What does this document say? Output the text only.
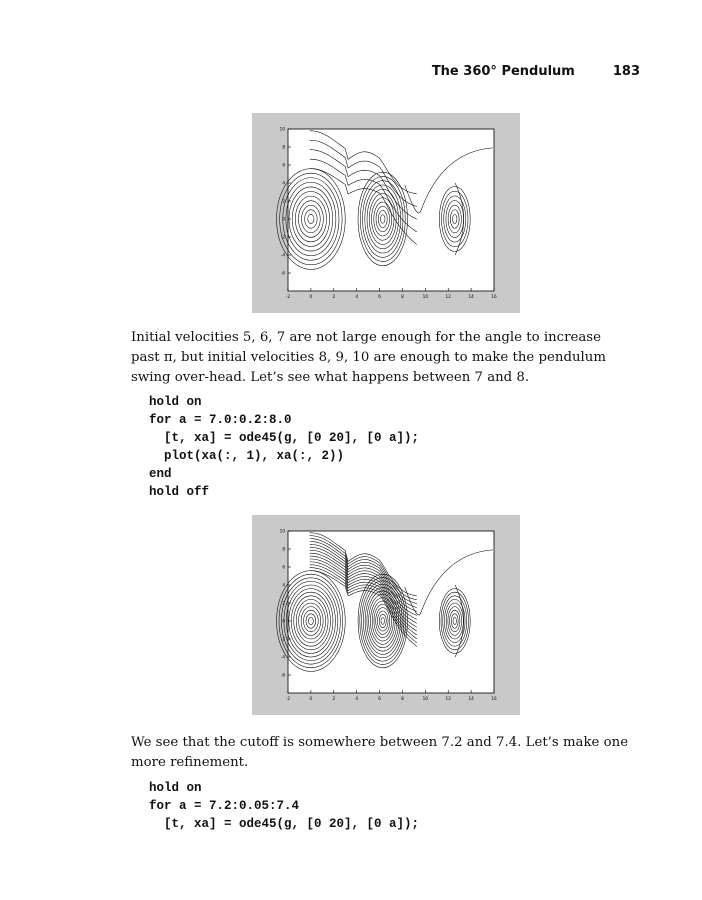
The 360° Pendulum	183
-2	0	2	4	6	8	10	12	14	16
10
8
6
4
2
0
-2
-4
-6

Initial velocities 5, 6, 7 are not large enough for the angle to increase past π, but initial velocities 8, 9, 10 are enough to make the pendulum swing over-head. Let’s see what happens between 7 and 8.

hold on
for a = 7.0:0.2:8.0
[t, xa] = ode45(g, [0 20], [0 a]);
plot(xa(:, 1), xa(:, 2))
end
hold off
-2	0	2	4	6	8	10	12	14	16
10
8
6
4
2
0
-2
-4
-6

We see that the cutoff is somewhere between 7.2 and 7.4. Let’s make one more refinement.

hold on
for a = 7.2:0.05:7.4
[t, xa] = ode45(g, [0 20], [0 a]);
